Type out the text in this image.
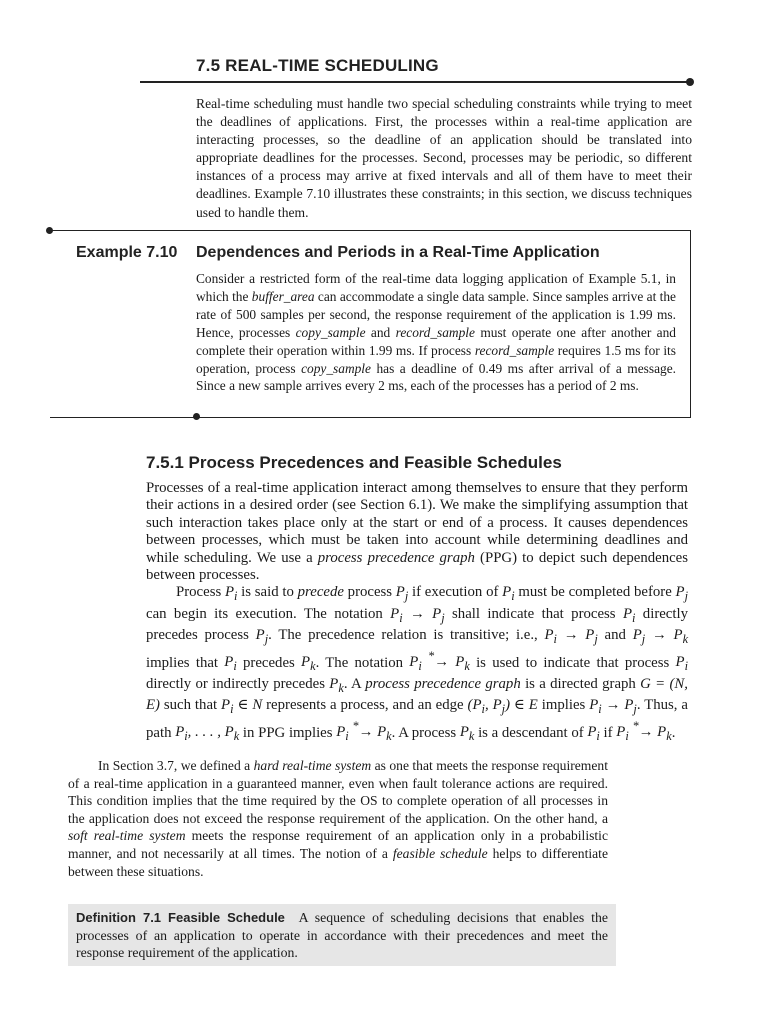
7.5 REAL-TIME SCHEDULING
Real-time scheduling must handle two special scheduling constraints while trying to meet the deadlines of applications. First, the processes within a real-time application are interacting processes, so the deadline of an application should be translated into appropriate deadlines for the processes. Second, processes may be periodic, so different instances of a process may arrive at fixed intervals and all of them have to meet their deadlines. Example 7.10 illustrates these constraints; in this section, we discuss techniques used to handle them.
Example 7.10 Dependences and Periods in a Real-Time Application
Consider a restricted form of the real-time data logging application of Example 5.1, in which the buffer_area can accommodate a single data sample. Since samples arrive at the rate of 500 samples per second, the response requirement of the application is 1.99 ms. Hence, processes copy_sample and record_sample must operate one after another and complete their operation within 1.99 ms. If process record_sample requires 1.5 ms for its operation, process copy_sample has a deadline of 0.49 ms after arrival of a message. Since a new sample arrives every 2 ms, each of the processes has a period of 2 ms.
7.5.1 Process Precedences and Feasible Schedules

Processes of a real-time application interact among themselves to ensure that they perform their actions in a desired order (see Section 6.1). We make the simplifying assumption that such interaction takes place only at the start or end of a process. It causes dependences between processes, which must be taken into account while determining deadlines and while scheduling. We use a process precedence graph (PPG) to depict such dependences between processes.

Process $P_i$ is said to precede process $P_j$ if execution of $P_i$ must be completed before $P_j$ can begin its execution. The notation $P_i \to P_j$ shall indicate that process $P_i$ directly precedes process $P_j$. The precedence relation is transitive; i.e., $P_i \to P_j$ and $P_j \to P_k$ implies that $P_i$ precedes $P_k$. The notation $P_i$ $^*\to P_k$ is used to indicate that process $P_i$ directly or indirectly precedes $P_k$. A process precedence graph is a directed graph G = (N, E) such that $P_i$ ∈ N represents a process, and an edge ($P_i$, $P_j$) ∈ E implies $P_i \to P_j$. Thus, a path $P_i$, . . . , $P_k$ in PPG implies $P_i$ $^*\to P_k$. A process $P_k$ is a descendant of $P_i$ if $P_i$ $^*\to P_k$.

In Section 3.7, we defined a hard real-time system as one that meets the response requirement of a real-time application in a guaranteed manner, even when fault tolerance actions are required. This condition implies that the time required by the OS to complete operation of all processes in the application does not exceed the response requirement of the application. On the other hand, a soft real-time system meets the response requirement of an application only in a probabilistic manner, and not necessarily at all times. The notion of a feasible schedule helps to differentiate between these situations.
Definition 7.1 Feasible Schedule A sequence of scheduling decisions that enables the processes of an application to operate in accordance with their precedences and meet the response requirement of the application.
